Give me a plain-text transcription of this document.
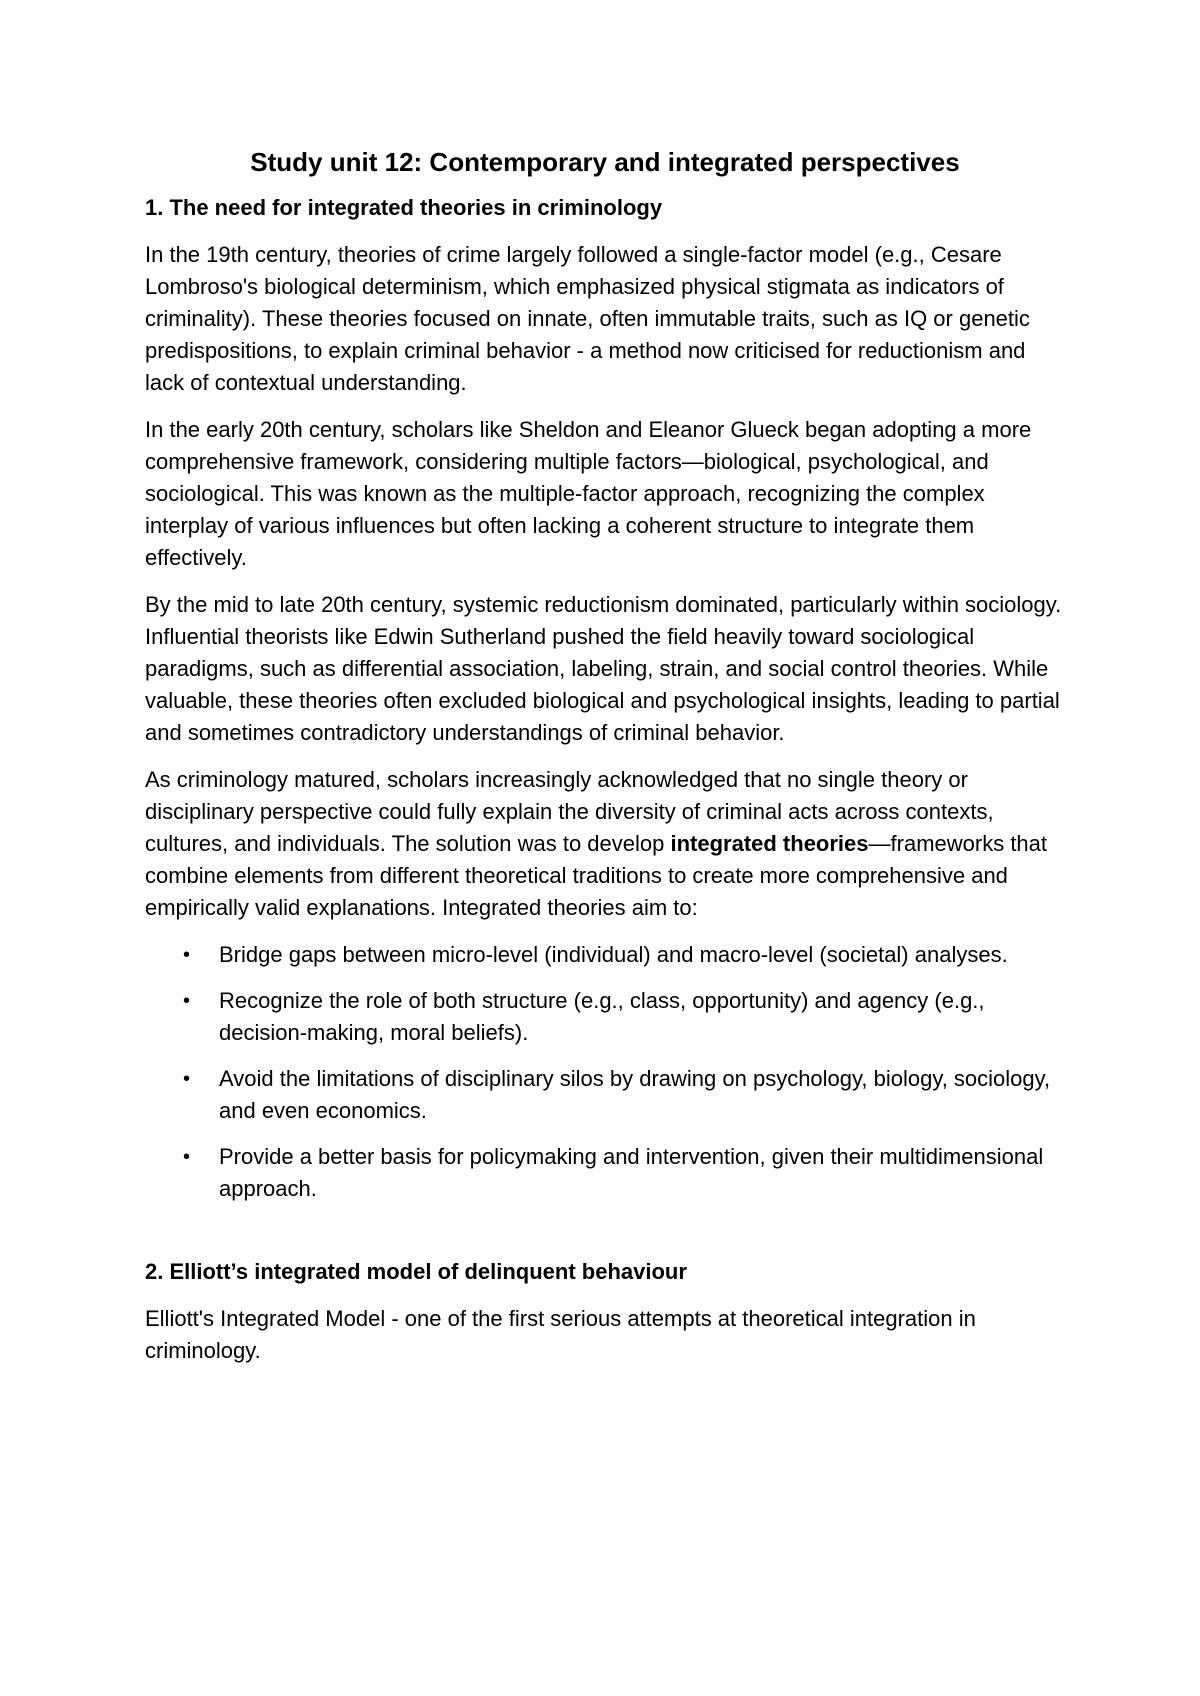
Study unit 12: Contemporary and integrated perspectives
1. The need for integrated theories in criminology

In the 19th century, theories of crime largely followed a single-factor model (e.g., Cesare Lombroso's biological determinism, which emphasized physical stigmata as indicators of criminality). These theories focused on innate, often immutable traits, such as IQ or genetic predispositions, to explain criminal behavior - a method now criticised for reductionism and lack of contextual understanding.

In the early 20th century, scholars like Sheldon and Eleanor Glueck began adopting a more comprehensive framework, considering multiple factors—biological, psychological, and sociological. This was known as the multiple-factor approach, recognizing the complex interplay of various influences but often lacking a coherent structure to integrate them effectively.

By the mid to late 20th century, systemic reductionism dominated, particularly within sociology. Influential theorists like Edwin Sutherland pushed the field heavily toward sociological paradigms, such as differential association, labeling, strain, and social control theories. While valuable, these theories often excluded biological and psychological insights, leading to partial and sometimes contradictory understandings of criminal behavior.

As criminology matured, scholars increasingly acknowledged that no single theory or disciplinary perspective could fully explain the diversity of criminal acts across contexts, cultures, and individuals. The solution was to develop integrated theories—frameworks that combine elements from different theoretical traditions to create more comprehensive and empirically valid explanations. Integrated theories aim to:

• Bridge gaps between micro-level (individual) and macro-level (societal) analyses.
• Recognize the role of both structure (e.g., class, opportunity) and agency (e.g., decision-making, moral beliefs).
• Avoid the limitations of disciplinary silos by drawing on psychology, biology, sociology, and even economics.
• Provide a better basis for policymaking and intervention, given their multidimensional approach.
2. Elliott’s integrated model of delinquent behaviour

Elliott's Integrated Model - one of the first serious attempts at theoretical integration in criminology.
